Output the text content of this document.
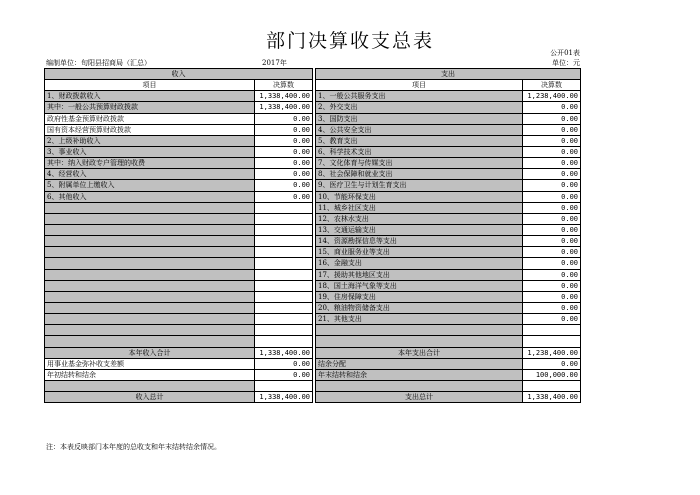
部门决算收支总表
公开01表
编制单位：旬阳县招商局（汇总）	2017年	单位：元
收入			支出	
项目	决算数		项目	决算数
1、财政拨款收入	1,338,400.00		1、一般公共服务支出	1,238,400.00
其中：一般公共预算财政拨款	1,338,400.00		2、外交支出	0.00
政府性基金预算财政拨款	0.00		3、国防支出	0.00
国有资本经营预算财政拨款	0.00		4、公共安全支出	0.00
2、上级补助收入	0.00		5、教育支出	0.00
3、事业收入	0.00		6、科学技术支出	0.00
其中：纳入财政专户管理的收费	0.00		7、文化体育与传媒支出	0.00
4、经营收入	0.00		8、社会保障和就业支出	0.00
5、附属单位上缴收入	0.00		9、医疗卫生与计划生育支出	0.00
6、其他收入	0.00		10、节能环保支出	0.00
			11、城乡社区支出	0.00
			12、农林水支出	0.00
			13、交通运输支出	0.00
			14、资源勘探信息等支出	0.00
			15、商业服务业等支出	0.00
			16、金融支出	0.00
			17、援助其他地区支出	0.00
			18、国土海洋气象等支出	0.00
			19、住房保障支出	0.00
			20、粮油物资储备支出	0.00
			21、其他支出	0.00

本年收入合计	1,338,400.00		本年支出合计	1,238,400.00
用事业基金弥补收支差额	0.00		结余分配	0.00
年初结转和结余	0.00		年末结转和结余	100,000.00

收入总计	1,338,400.00		支出总计	1,338,400.00
注：本表反映部门本年度的总收支和年末结转结余情况。
